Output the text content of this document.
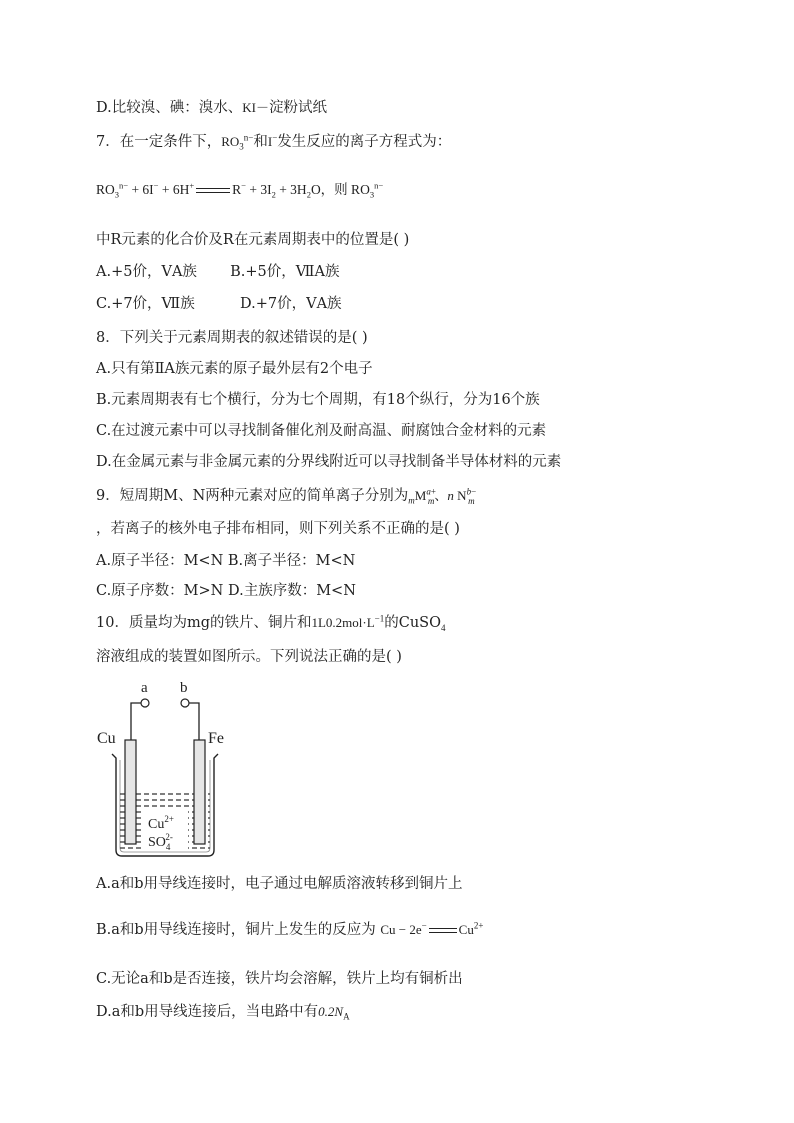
D.比较溴、碘：溴水、KI－淀粉试纸
7．在一定条件下，$RO_3^{n-}$和I−发生反应的离子方程式为：
$RO_3^{n-} + 6I^- + 6H^+$	$R^- + 3I_2 + 3H_2O$，则 $RO_3^{n-}$
中R元素的化合价及R在元素周期表中的位置是( )
A.+5价，ⅤA族 B.+5价，ⅦA族
C.+7价，Ⅶ族	D.+7价，ⅤA族
8．下列关于元素周期表的叙述错误的是( )
A.只有第ⅡA族元素的原子最外层有2个电子
B.元素周期表有七个横行，分为七个周期，有18个纵行，分为16个族
C.在过渡元素中可以寻找制备催化剂及耐高温、耐腐蚀合金材料的元素
D.在金属元素与非金属元素的分界线附近可以寻找制备半导体材料的元素
9．短周期M、N两种元素对应的简单离子分别为$_mM^{a+}_m$、n $N^{b-}_m$
，若离子的核外电子排布相同，则下列关系不正确的是( )
A.原子半径：M<N B.离子半径：M<N
C.原子序数：M>N D.主族序数：M<N
10．质量均为mg的铁片、铜片和$1L0.2mol\cdot L^{-1}$的CuSO$_4$
溶液组成的装置如图所示。下列说法正确的是( )
a b
Cu	Fe
$Cu^{2+}$
$SO_42-$
A.a和b用导线连接时，电子通过电解质溶液转移到铜片上
B.a和b用导线连接时，铜片上发生的反应为 Cu − 2e− $Cu^{2+}$
C.无论a和b是否连接，铁片均会溶解，铁片上均有铜析出
D.a和b用导线连接后，当电路中有$0.2N_A$
